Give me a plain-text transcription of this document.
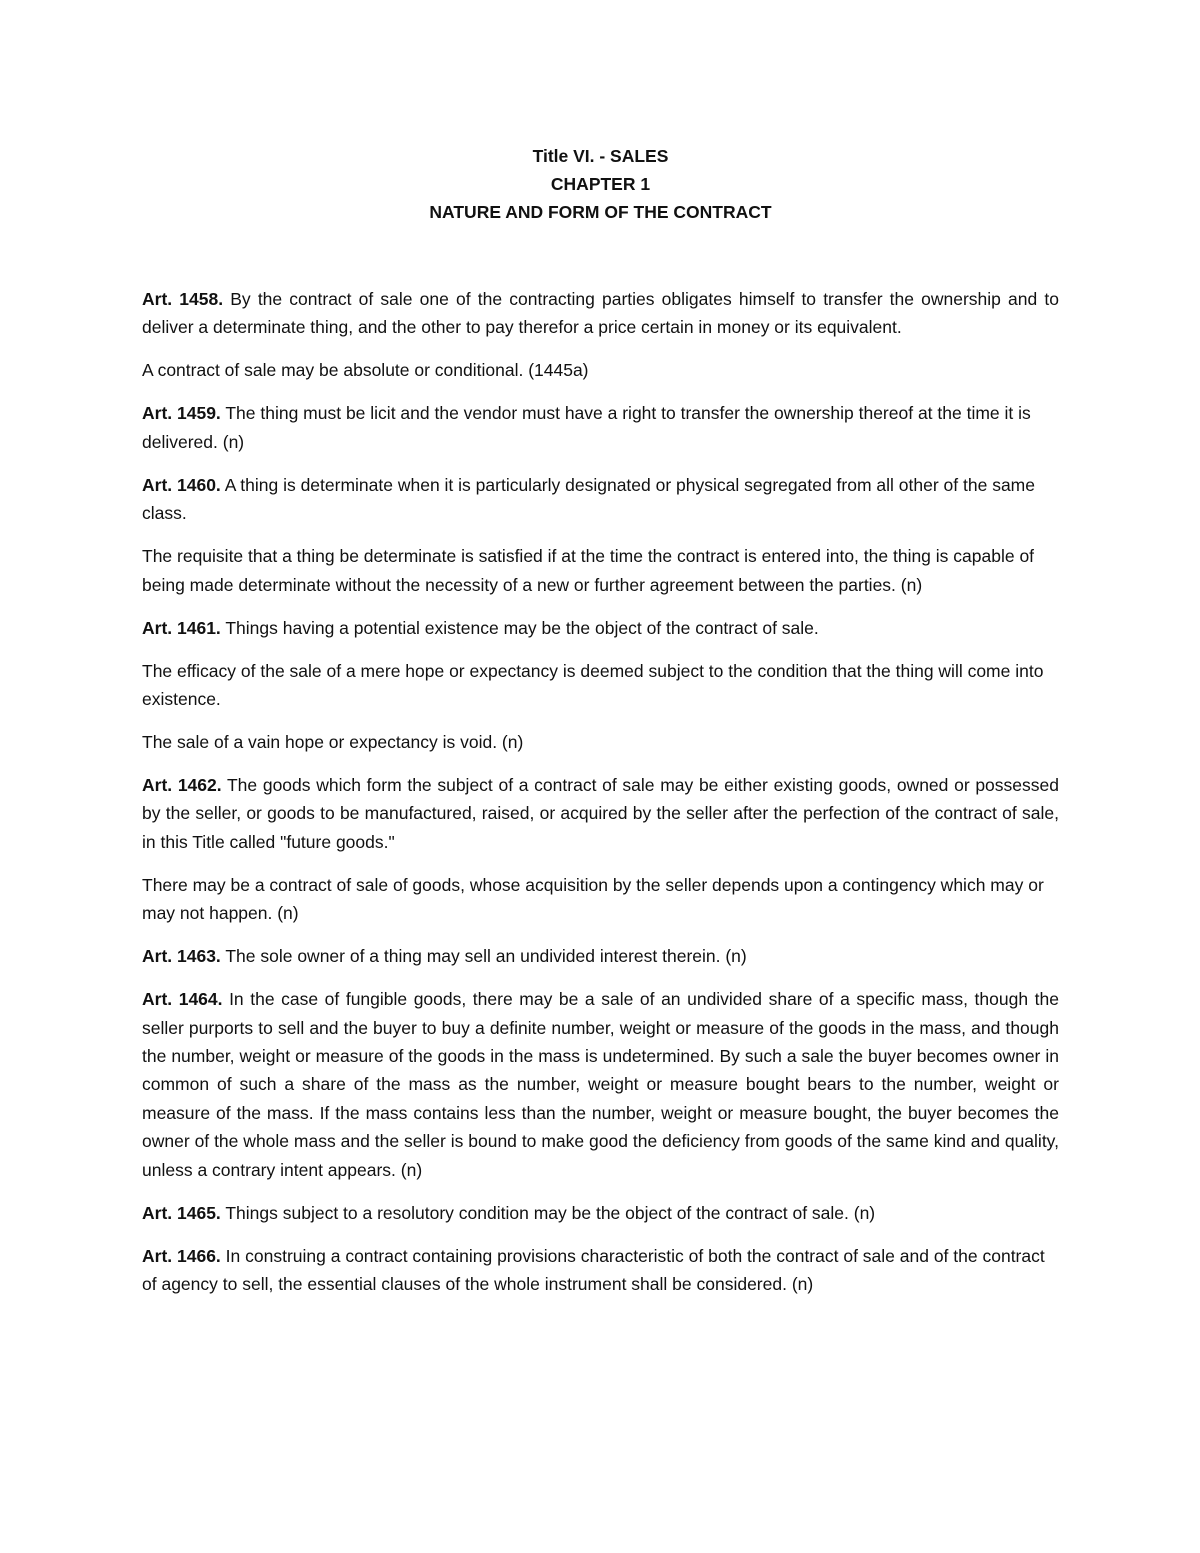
Title VI. - SALES

CHAPTER 1

NATURE AND FORM OF THE CONTRACT

Art. 1458. By the contract of sale one of the contracting parties obligates himself to transfer the ownership and to deliver a determinate thing, and the other to pay therefor a price certain in money or its equivalent.

A contract of sale may be absolute or conditional. (1445a)

Art. 1459. The thing must be licit and the vendor must have a right to transfer the ownership thereof at the time it is delivered. (n)

Art. 1460. A thing is determinate when it is particularly designated or physical segregated from all other of the same class.

The requisite that a thing be determinate is satisfied if at the time the contract is entered into, the thing is capable of being made determinate without the necessity of a new or further agreement between the parties. (n)

Art. 1461. Things having a potential existence may be the object of the contract of sale.

The efficacy of the sale of a mere hope or expectancy is deemed subject to the condition that the thing will come into existence.

The sale of a vain hope or expectancy is void. (n)

Art. 1462. The goods which form the subject of a contract of sale may be either existing goods, owned or possessed by the seller, or goods to be manufactured, raised, or acquired by the seller after the perfection of the contract of sale, in this Title called "future goods."

There may be a contract of sale of goods, whose acquisition by the seller depends upon a contingency which may or may not happen. (n)

Art. 1463. The sole owner of a thing may sell an undivided interest therein. (n)

Art. 1464. In the case of fungible goods, there may be a sale of an undivided share of a specific mass, though the seller purports to sell and the buyer to buy a definite number, weight or measure of the goods in the mass, and though the number, weight or measure of the goods in the mass is undetermined. By such a sale the buyer becomes owner in common of such a share of the mass as the number, weight or measure bought bears to the number, weight or measure of the mass. If the mass contains less than the number, weight or measure bought, the buyer becomes the owner of the whole mass and the seller is bound to make good the deficiency from goods of the same kind and quality, unless a contrary intent appears. (n)

Art. 1465. Things subject to a resolutory condition may be the object of the contract of sale. (n)

Art. 1466. In construing a contract containing provisions characteristic of both the contract of sale and of the contract of agency to sell, the essential clauses of the whole instrument shall be considered. (n)
